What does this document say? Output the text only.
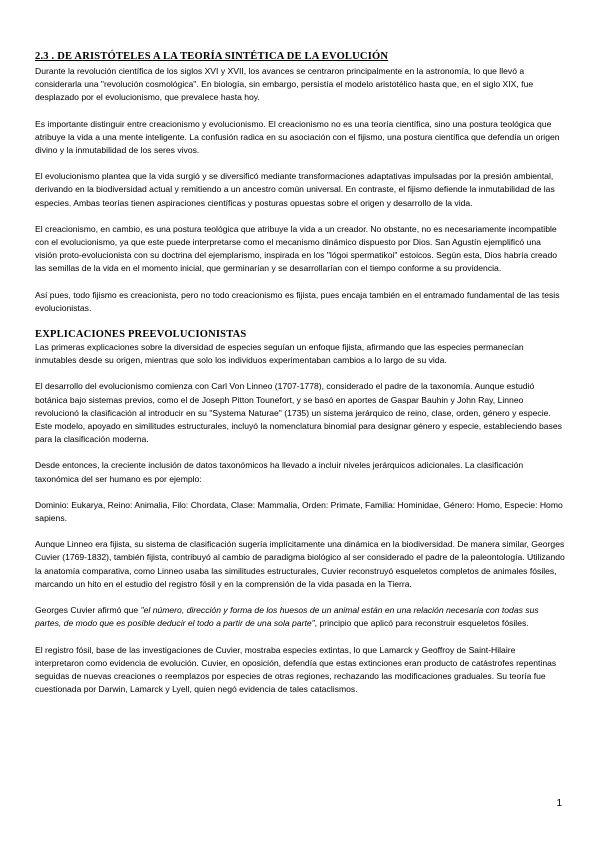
2.3 . DE ARISTÓTELES A LA TEORÍA SINTÉTICA DE LA EVOLUCIÓN

Durante la revolución científica de los siglos XVI y XVII, los avances se centraron principalmente en la astronomía, lo que llevó a considerarla una "revolución cosmológica". En biología, sin embargo, persistía el modelo aristotélico hasta que, en el siglo XIX, fue desplazado por el evolucionismo, que prevalece hasta hoy.

Es importante distinguir entre creacionismo y evolucionismo. El creacionismo no es una teoría científica, sino una postura teológica que atribuye la vida a una mente inteligente. La confusión radica en su asociación con el fijismo, una postura científica que defendía un origen divino y la inmutabilidad de los seres vivos.

El evolucionismo plantea que la vida surgió y se diversificó mediante transformaciones adaptativas impulsadas por la presión ambiental, derivando en la biodiversidad actual y remitiendo a un ancestro común universal. En contraste, el fijismo defiende la inmutabilidad de las especies. Ambas teorías tienen aspiraciones científicas y posturas opuestas sobre el origen y desarrollo de la vida.

El creacionismo, en cambio, es una postura teológica que atribuye la vida a un creador. No obstante, no es necesariamente incompatible con el evolucionismo, ya que este puede interpretarse como el mecanismo dinámico dispuesto por Dios. San Agustín ejemplificó una visión proto-evolucionista con su doctrina del ejemplarismo, inspirada en los "lógoi spermatikoi" estoicos. Según esta, Dios habría creado las semillas de la vida en el momento inicial, que germinarían y se desarrollarían con el tiempo conforme a su providencia.

Así pues, todo fijismo es creacionista, pero no todo creacionismo es fijista, pues encaja también en el entramado fundamental de las tesis evolucionistas.

EXPLICACIONES PREEVOLUCIONISTAS

Las primeras explicaciones sobre la diversidad de especies seguían un enfoque fijista, afirmando que las especies permanecían inmutables desde su origen, mientras que solo los individuos experimentaban cambios a lo largo de su vida.

El desarrollo del evolucionismo comienza con Carl Von Linneo (1707-1778), considerado el padre de la taxonomía. Aunque estudió botánica bajo sistemas previos, como el de Joseph Pitton Tounefort, y se basó en aportes de Gaspar Bauhin y John Ray, Linneo revolucionó la clasificación al introducir en su "Systema Naturae" (1735) un sistema jerárquico de reino, clase, orden, género y especie. Este modelo, apoyado en similitudes estructurales, incluyó la nomenclatura binomial para designar género y especie, estableciendo bases para la clasificación moderna.

Desde entonces, la creciente inclusión de datos taxonómicos ha llevado a incluir niveles jerárquicos adicionales. La clasificación taxonómica del ser humano es por ejemplo:

Dominio: Eukarya, Reino: Animalia, Filo: Chordata, Clase: Mammalia, Orden: Primate, Familia: Hominidae, Género: Homo, Especie: Homo sapiens.

Aunque Linneo era fijista, su sistema de clasificación sugería implícitamente una dinámica en la biodiversidad. De manera similar, Georges Cuvier (1769-1832), también fijista, contribuyó al cambio de paradigma biológico al ser considerado el padre de la paleontología. Utilizando la anatomía comparativa, como Linneo usaba las similitudes estructurales, Cuvier reconstruyó esqueletos completos de animales fósiles, marcando un hito en el estudio del registro fósil y en la comprensión de la vida pasada en la Tierra.

Georges Cuvier afirmó que "el número, dirección y forma de los huesos de un animal están en una relación necesaria con todas sus partes, de modo que es posible deducir el todo a partir de una sola parte", principio que aplicó para reconstruir esqueletos fósiles.

El registro fósil, base de las investigaciones de Cuvier, mostraba especies extintas, lo que Lamarck y Geoffroy de Saint-Hilaire interpretaron como evidencia de evolución. Cuvier, en oposición, defendía que estas extinciones eran producto de catástrofes repentinas seguidas de nuevas creaciones o reemplazos por especies de otras regiones, rechazando las modificaciones graduales. Su teoría fue cuestionada por Darwin, Lamarck y Lyell, quien negó evidencia de tales cataclismos.

1
